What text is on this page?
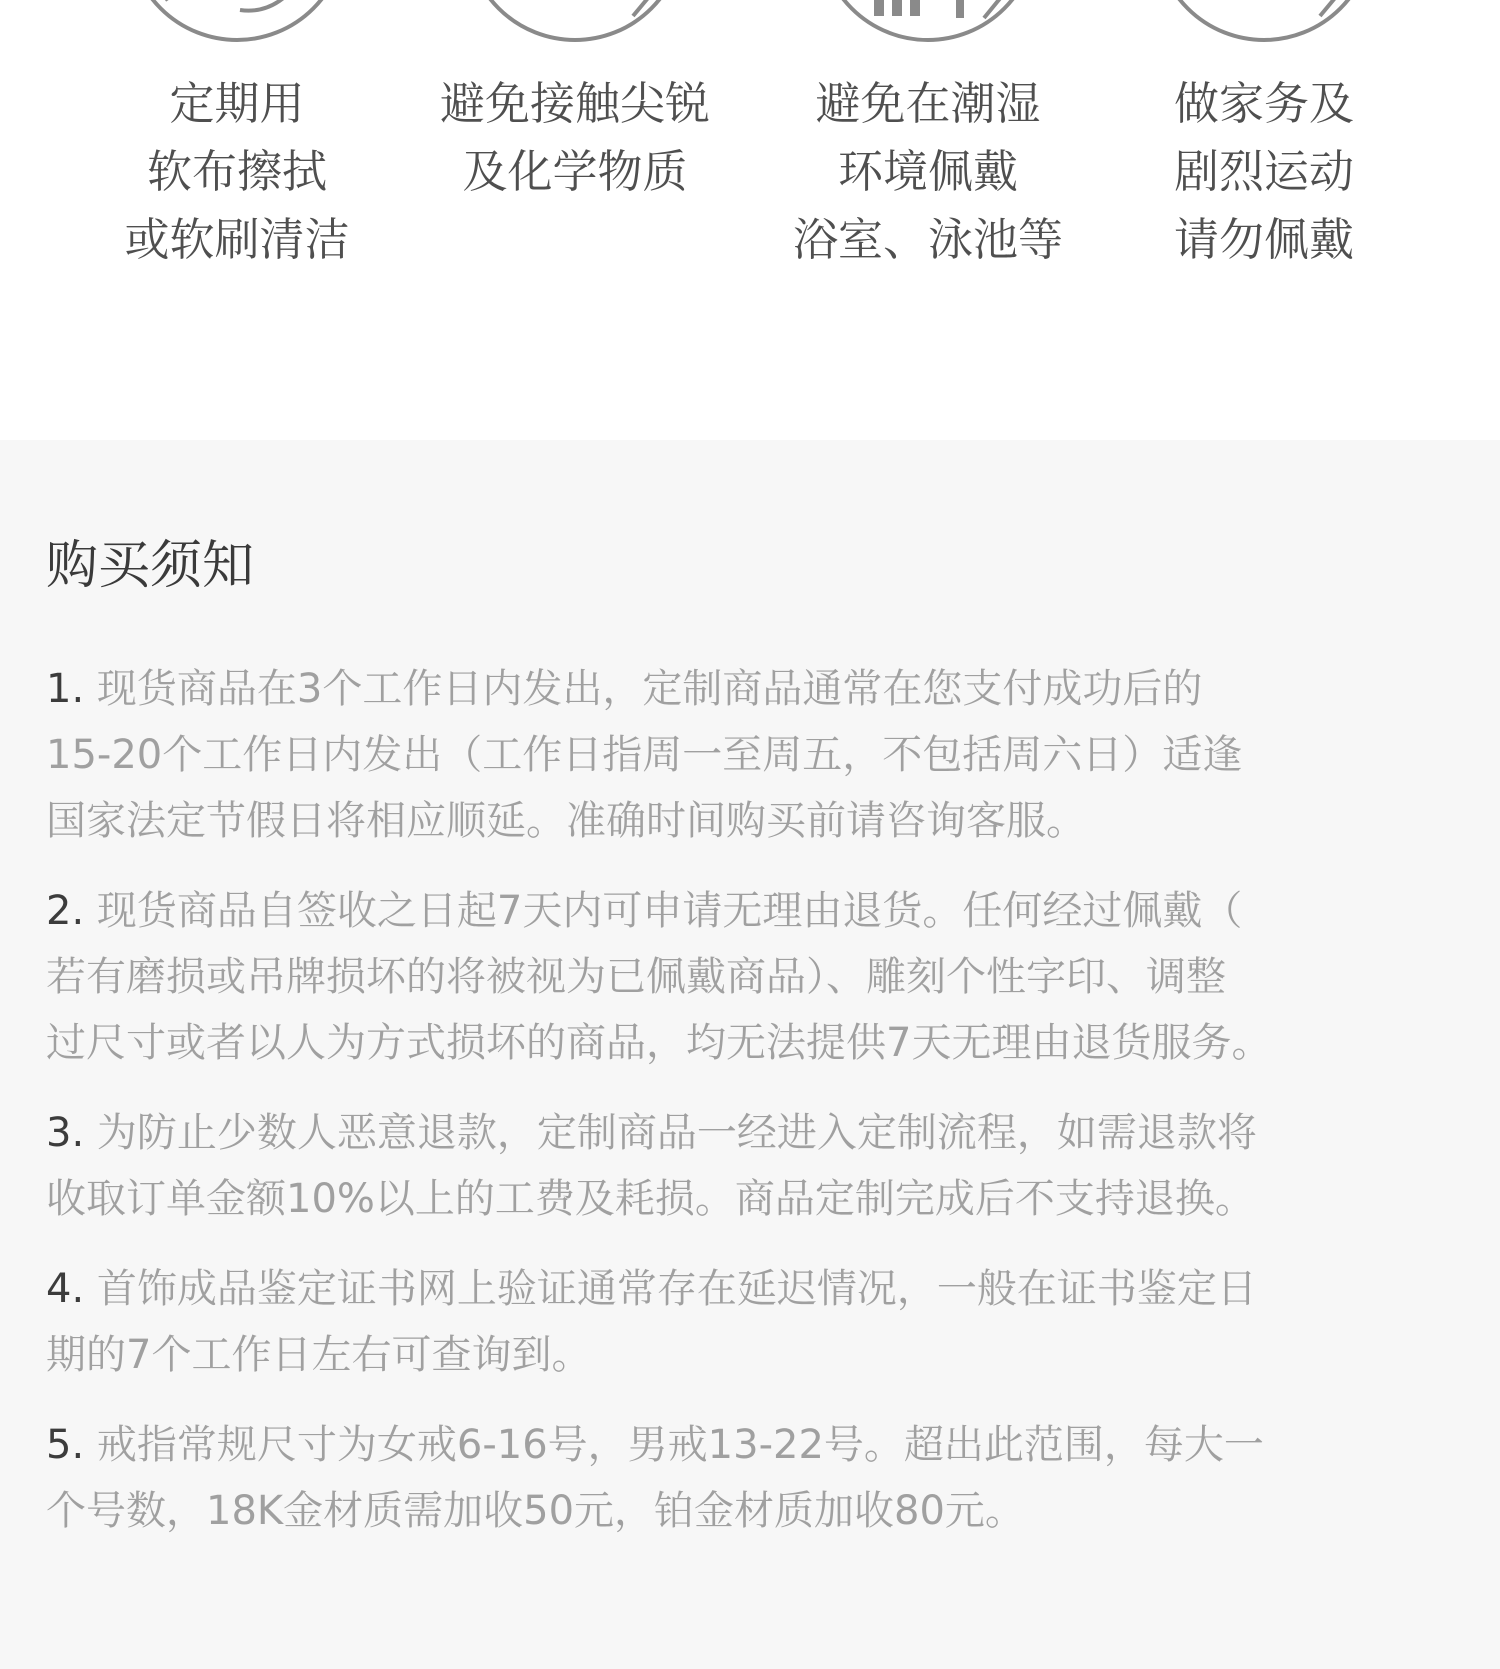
定期用
软布擦拭
或软刷清洁
避免接触尖锐
及化学物质
避免在潮湿
环境佩戴
浴室、泳池等
做家务及
剧烈运动
请勿佩戴
购买须知

1. 现货商品在3个工作日内发出，定制商品通常在您支付成功后的
15-20个工作日内发出（工作日指周一至周五，不包括周六日）适逢
国家法定节假日将相应顺延。准确时间购买前请咨询客服。

2. 现货商品自签收之日起7天内可申请无理由退货。任何经过佩戴（
若有磨损或吊牌损坏的将被视为已佩戴商品）、雕刻个性字印、调整
过尺寸或者以人为方式损坏的商品，均无法提供7天无理由退货服务。

3. 为防止少数人恶意退款，定制商品一经进入定制流程，如需退款将
收取订单金额10%以上的工费及耗损。商品定制完成后不支持退换。

4. 首饰成品鉴定证书网上验证通常存在延迟情况，一般在证书鉴定日
期的7个工作日左右可查询到。

5. 戒指常规尺寸为女戒6-16号，男戒13-22号。超出此范围，每大一
个号数，18K金材质需加收50元，铂金材质加收80元。
